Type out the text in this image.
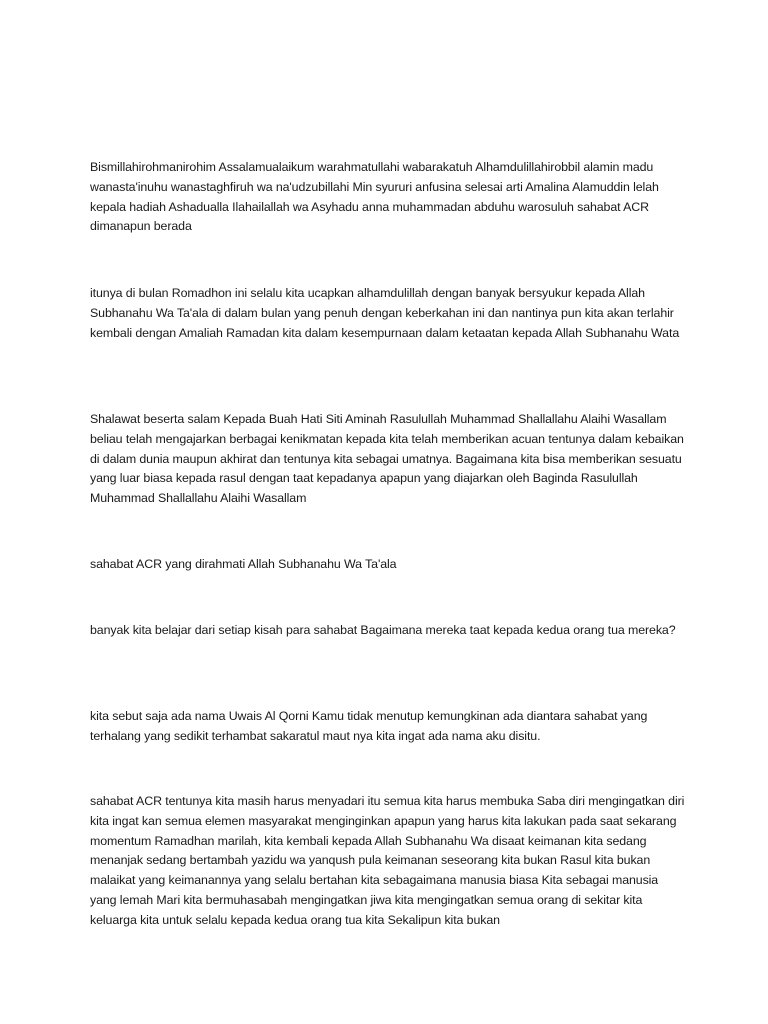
Bismillahirohmanirohim Assalamualaikum warahmatullahi wabarakatuh Alhamdulillahirobbil alamin madu wanasta'inuhu wanastaghfiruh wa na'udzubillahi Min syururi anfusina selesai arti Amalina Alamuddin lelah kepala hadiah Ashadualla Ilahailallah wa Asyhadu anna muhammadan abduhu warosuluh sahabat ACR dimanapun berada

itunya di bulan Romadhon ini selalu kita ucapkan alhamdulillah dengan banyak bersyukur kepada Allah Subhanahu Wa Ta'ala di dalam bulan yang penuh dengan keberkahan ini dan nantinya pun kita akan terlahir kembali dengan Amaliah Ramadan kita dalam kesempurnaan dalam ketaatan kepada Allah Subhanahu Wata

Shalawat beserta salam Kepada Buah Hati Siti Aminah Rasulullah Muhammad Shallallahu Alaihi Wasallam beliau telah mengajarkan berbagai kenikmatan kepada kita telah memberikan acuan tentunya dalam kebaikan di dalam dunia maupun akhirat dan tentunya kita sebagai umatnya. Bagaimana kita bisa memberikan sesuatu yang luar biasa kepada rasul dengan taat kepadanya apapun yang diajarkan oleh Baginda Rasulullah Muhammad Shallallahu Alaihi Wasallam

sahabat ACR yang dirahmati Allah Subhanahu Wa Ta'ala

banyak kita belajar dari setiap kisah para sahabat Bagaimana mereka taat kepada kedua orang tua mereka?

kita sebut saja ada nama Uwais Al Qorni Kamu tidak menutup kemungkinan ada diantara sahabat yang terhalang yang sedikit terhambat sakaratul maut nya kita ingat ada nama aku disitu.

sahabat ACR tentunya kita masih harus menyadari itu semua kita harus membuka Saba diri mengingatkan diri kita ingat kan semua elemen masyarakat menginginkan apapun yang harus kita lakukan pada saat sekarang momentum Ramadhan marilah, kita kembali kepada Allah Subhanahu Wa disaat keimanan kita sedang menanjak sedang bertambah yazidu wa yanqush pula keimanan seseorang kita bukan Rasul kita bukan malaikat yang keimanannya yang selalu bertahan kita sebagaimana manusia biasa Kita sebagai manusia yang lemah Mari kita bermuhasabah mengingatkan jiwa kita mengingatkan semua orang di sekitar kita keluarga kita untuk selalu kepada kedua orang tua kita Sekalipun kita bukan
